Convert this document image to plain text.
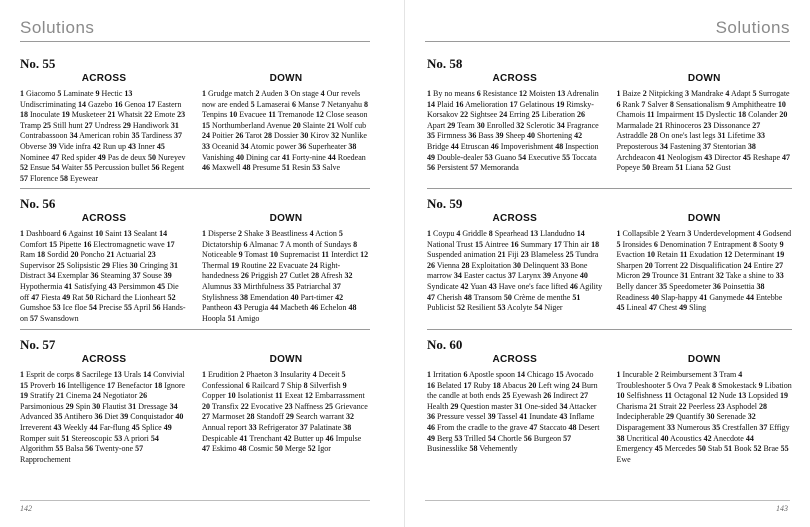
Solutions
No. 55
ACROSS
1 Giacomo 5 Laminate 9 Hectic 13 Undiscriminating 14 Gazebo 16 Genoa 17 Eastern 18 Inoculate 19 Musketeer 21 Whatsit 22 Emote 23 Tramp 25 Still hunt 27 Undress 29 Handiwork 31 Contrabassoon 34 American robin 35 Tardiness 37 Obverse 39 Vide infra 42 Run up 43 Inner 45 Nominee 47 Red spider 49 Pas de deux 50 Nureyev 52 Ensue 54 Waiter 55 Percussion bullet 56 Regent 57 Florence 58 Eyewear
DOWN
1 Grudge match 2 Auden 3 On stage 4 Our revels now are ended 5 Lamaserai 6 Manse 7 Netanyahu 8 Tenpins 10 Evacuee 11 Tremanode 12 Close season 15 Northumberland Avenue 20 Slainte 21 Wolf cub 24 Poitier 26 Tarot 28 Dossier 30 Kirov 32 Nunlike 33 Oceanid 34 Atomic power 36 Superheater 38 Vanishing 40 Dining car 41 Forty-nine 44 Roedean 46 Maxwell 48 Presume 51 Resin 53 Salve
No. 56
ACROSS
1 Dashboard 6 Against 10 Saint 13 Sealant 14 Comfort 15 Pipette 16 Electromagnetic wave 17 Ram 18 Sordid 20 Poncho 21 Actuarial 23 Supervisor 25 Solipsistic 29 Flies 30 Cringing 31 Distract 34 Exemplar 36 Steaming 37 Souse 39 Hypothermia 41 Satisfying 43 Persimmon 45 Die off 47 Fiesta 49 Rat 50 Richard the Lionheart 52 Gumshoe 53 Ice floe 54 Precise 55 April 56 Hands-on 57 Swansdown
DOWN
1 Disperse 2 Shake 3 Beastliness 4 Action 5 Dictatorship 6 Almanac 7 A month of Sundays 8 Noticeable 9 Tomast 10 Supremacist 11 Interdict 12 Thermal 19 Routine 22 Evacuate 24 Right-handedness 26 Priggish 27 Cutlet 28 Afresh 32 Alumnus 33 Mirthfulness 35 Patriarchal 37 Stylishness 38 Emendation 40 Part-timer 42 Pantheon 43 Perugia 44 Macbeth 46 Echelon 48 Hoopla 51 Amigo
No. 57
ACROSS
1 Esprit de corps 8 Sacrilege 13 Urals 14 Convivial 15 Proverb 16 Intelligence 17 Benefactor 18 Ignore 19 Stratify 21 Cinema 24 Negotiator 26 Parsimonious 29 Spin 30 Flautist 31 Dressage 34 Advanced 35 Antihero 36 Diet 39 Conquistador 40 Irreverent 43 Weekly 44 Far-flung 45 Splice 49 Romper suit 51 Stereoscopic 53 A priori 54 Algorithm 55 Balsa 56 Twenty-one 57 Rapprochement
DOWN
1 Erudition 2 Phaeton 3 Insularity 4 Deceit 5 Confessional 6 Railcard 7 Ship 8 Silverfish 9 Copper 10 Isolationist 11 Exeat 12 Embarrassment 20 Transfix 22 Evocative 23 Naffness 25 Grievance 27 Marmoset 28 Standoff 29 Search warrant 32 Annual report 33 Refrigerator 37 Palatinate 38 Despicable 41 Trenchant 42 Butter up 46 Impulse 47 Eskimo 48 Cosmic 50 Merge 52 Igor
142
Solutions
No. 58
ACROSS
1 By no means 6 Resistance 12 Moisten 13 Adrenalin 14 Plaid 16 Amelioration 17 Gelatinous 19 Rimsky-Korsakov 22 Sightsee 24 Erring 25 Liberation 26 Apart 29 Team 30 Enrolled 32 Sclerotic 34 Fragrance 35 Firmness 36 Bass 39 Sheep 40 Shortening 42 Bridge 44 Etruscan 46 Impoverishment 48 Inspection 49 Double-dealer 53 Guano 54 Executive 55 Toccata 56 Persistent 57 Memoranda
DOWN
1 Baize 2 Nitpicking 3 Mandrake 4 Adapt 5 Surrogate 6 Rank 7 Salver 8 Sensationalism 9 Amphitheatre 10 Chamois 11 Impairment 15 Dyslectic 18 Colander 20 Marmalade 21 Rhinoceros 23 Dissonance 27 Astraddle 28 On one's last legs 31 Lifetime 33 Preposterous 34 Fastening 37 Stentorian 38 Archdeacon 41 Neologism 43 Director 45 Reshape 47 Popeye 50 Bream 51 Liana 52 Gust
No. 59
ACROSS
1 Coypu 4 Griddle 8 Spearhead 13 Llandudno 14 National Trust 15 Aintree 16 Summary 17 Thin air 18 Suspended animation 21 Fiji 23 Blameless 25 Tundra 26 Vienna 28 Exploitation 30 Delinquent 33 Bone marrow 34 Easter cactus 37 Larynx 39 Anyone 40 Syndicate 42 Yuan 43 Have one's face lifted 46 Agility 47 Cherish 48 Transom 50 Crème de menthe 51 Publicist 52 Resilient 53 Acolyte 54 Niger
DOWN
1 Collapsible 2 Yearn 3 Underdevelopment 4 Godsend 5 Ironsides 6 Denomination 7 Entrapment 8 Sooty 9 Evaction 10 Retain 11 Exudation 12 Determinant 19 Sharpen 20 Torrent 22 Disqualification 24 Entire 27 Micron 29 Trounce 31 Entrant 32 Take a shine to 33 Belly dancer 35 Speedometer 36 Poinsettia 38 Readiness 40 Slap-happy 41 Ganymede 44 Entebbe 45 Lineal 47 Chest 49 Sling
No. 60
ACROSS
1 Irritation 6 Apostle spoon 14 Chicago 15 Avocado 16 Belated 17 Ruby 18 Abacus 20 Left wing 24 Burn the candle at both ends 25 Eyewash 26 Indirect 27 Health 29 Question master 31 One-sided 34 Attacker 36 Pressure vessel 39 Tassel 41 Inundate 43 Inflame 46 From the cradle to the grave 47 Staccato 48 Desert 49 Berg 53 Trilled 54 Chortle 56 Burgeon 57 Businesslike 58 Vehemently
DOWN
1 Incurable 2 Reimbursement 3 Tram 4 Troubleshooter 5 Ova 7 Peak 8 Smokestack 9 Libation 10 Selfishness 11 Octagonal 12 Nude 13 Lopsided 19 Charisma 21 Strait 22 Peerless 23 Asphodel 28 Indecipherable 29 Quantify 30 Serenade 32 Disparagement 33 Numerous 35 Crestfallen 37 Effigy 38 Uncritical 40 Acoustics 42 Anecdote 44 Emergency 45 Mercedes 50 Stab 51 Book 52 Brae 55 Ewe
143
